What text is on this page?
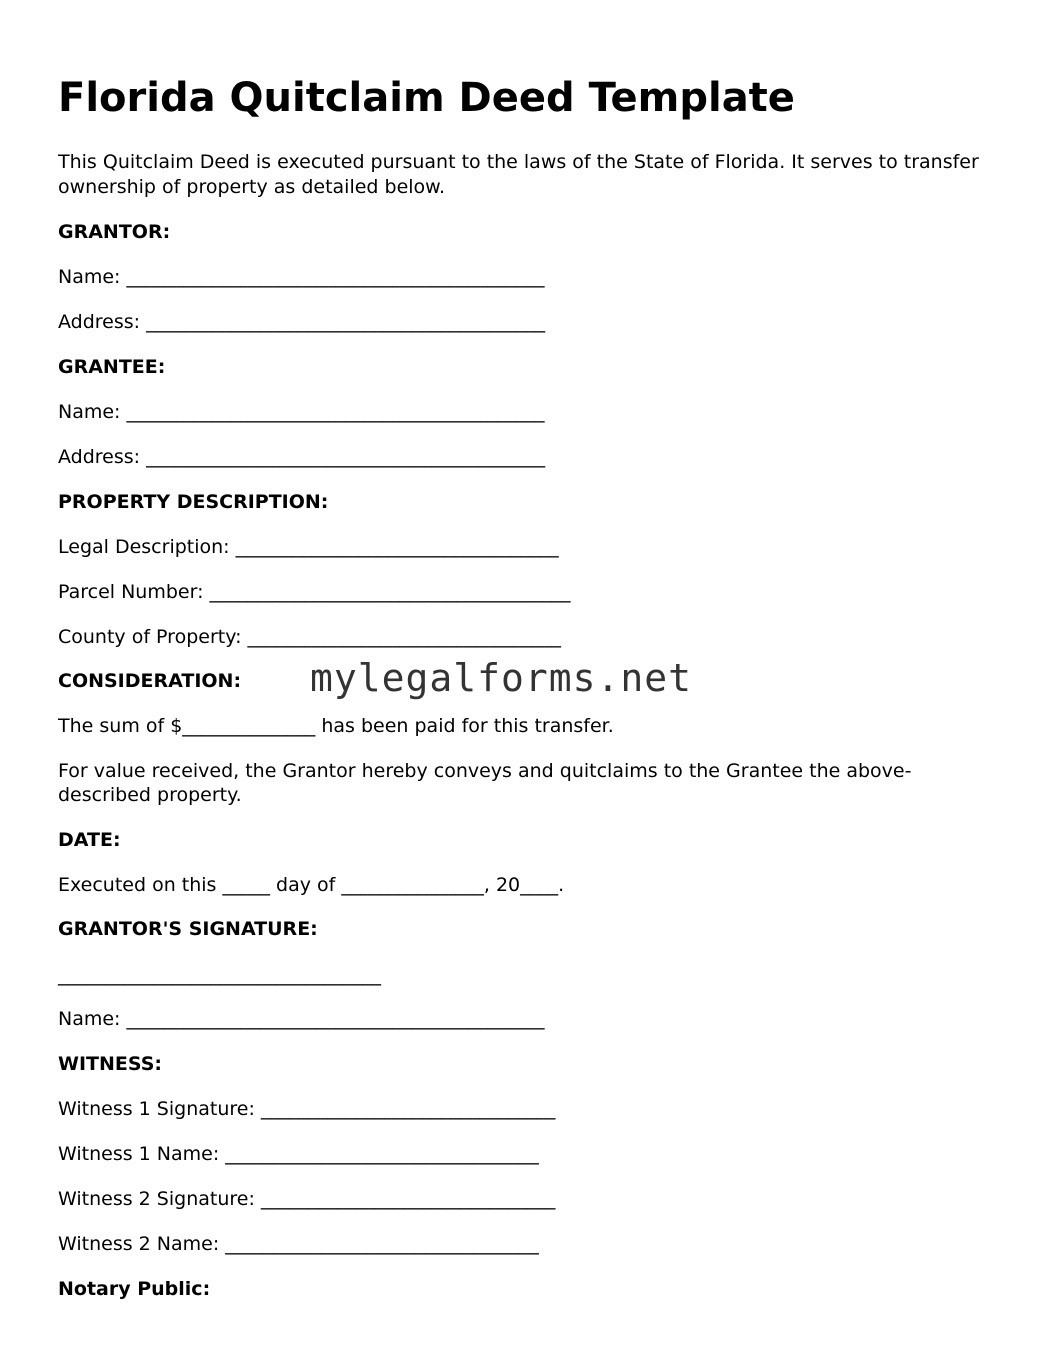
Florida Quitclaim Deed Template

This Quitclaim Deed is executed pursuant to the laws of the State of Florida. It serves to transfer ownership of property as detailed below.

GRANTOR:

Name: ____________________________________________

Address: __________________________________________

GRANTEE:

Name: ____________________________________________

Address: __________________________________________

PROPERTY DESCRIPTION:

Legal Description: __________________________________

Parcel Number: ______________________________________

County of Property: _________________________________

CONSIDERATION:

The sum of $______________ has been paid for this transfer.

For value received, the Grantor hereby conveys and quitclaims to the Grantee the above-described property.

DATE:

Executed on this _____ day of _______________, 20____.

GRANTOR'S SIGNATURE:

__________________________________

Name: ____________________________________________

WITNESS:

Witness 1 Signature: _______________________________

Witness 1 Name: _________________________________

Witness 2 Signature: _______________________________

Witness 2 Name: _________________________________

Notary Public:

mylegalforms.net
